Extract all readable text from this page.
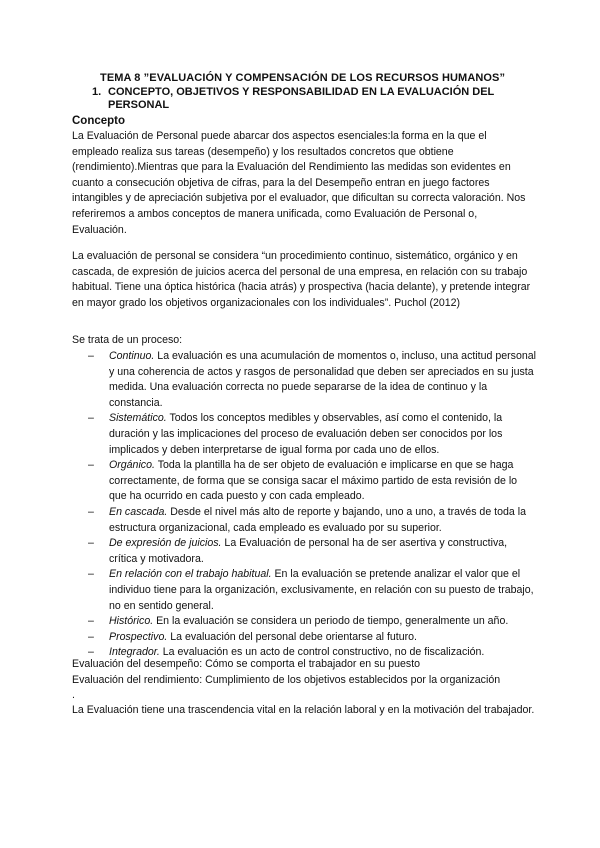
TEMA 8 ”EVALUACIÓN Y COMPENSACIÓN DE LOS RECURSOS HUMANOS”
1. CONCEPTO, OBJETIVOS Y RESPONSABILIDAD EN LA EVALUACIÓN DEL PERSONAL
Concepto
La Evaluación de Personal puede abarcar dos aspectos esenciales:la forma en la que el empleado realiza sus tareas (desempeño) y los resultados concretos que obtiene (rendimiento).Mientras que para la Evaluación del Rendimiento las medidas son evidentes en cuanto a consecución objetiva de cifras, para la del Desempeño entran en juego factores intangibles y de apreciación subjetiva por el evaluador, que dificultan su correcta valoración. Nos referiremos a ambos conceptos de manera unificada, como Evaluación de Personal o, Evaluación.
La evaluación de personal se considera “un procedimiento continuo, sistemático, orgánico y en cascada, de expresión de juicios acerca del personal de una empresa, en relación con su trabajo habitual. Tiene una óptica histórica (hacia atrás) y prospectiva (hacia delante), y pretende integrar en mayor grado los objetivos organizacionales con los individuales”. Puchol (2012)
Se trata de un proceso:
– Continuo. La evaluación es una acumulación de momentos o, incluso, una actitud personal y una coherencia de actos y rasgos de personalidad que deben ser apreciados en su justa medida. Una evaluación correcta no puede separarse de la idea de continuo y la constancia.
– Sistemático. Todos los conceptos medibles y observables, así como el contenido, la duración y las implicaciones del proceso de evaluación deben ser conocidos por los implicados y deben interpretarse de igual forma por cada uno de ellos.
– Orgánico. Toda la plantilla ha de ser objeto de evaluación e implicarse en que se haga correctamente, de forma que se consiga sacar el máximo partido de esta revisión de lo que ha ocurrido en cada puesto y con cada empleado.
– En cascada. Desde el nivel más alto de reporte y bajando, uno a uno, a través de toda la estructura organizacional, cada empleado es evaluado por su superior.
– De expresión de juicios. La Evaluación de personal ha de ser asertiva y constructiva, crítica y motivadora.
– En relación con el trabajo habitual. En la evaluación se pretende analizar el valor que el individuo tiene para la organización, exclusivamente, en relación con su puesto de trabajo, no en sentido general.
– Histórico. En la evaluación se considera un periodo de tiempo, generalmente un año.
– Prospectivo. La evaluación del personal debe orientarse al futuro.
– Integrador. La evaluación es un acto de control constructivo, no de fiscalización.
Evaluación del desempeño: Cómo se comporta el trabajador en su puesto
Evaluación del rendimiento: Cumplimiento de los objetivos establecidos por la organización
.
La Evaluación tiene una trascendencia vital en la relación laboral y en la motivación del trabajador.
